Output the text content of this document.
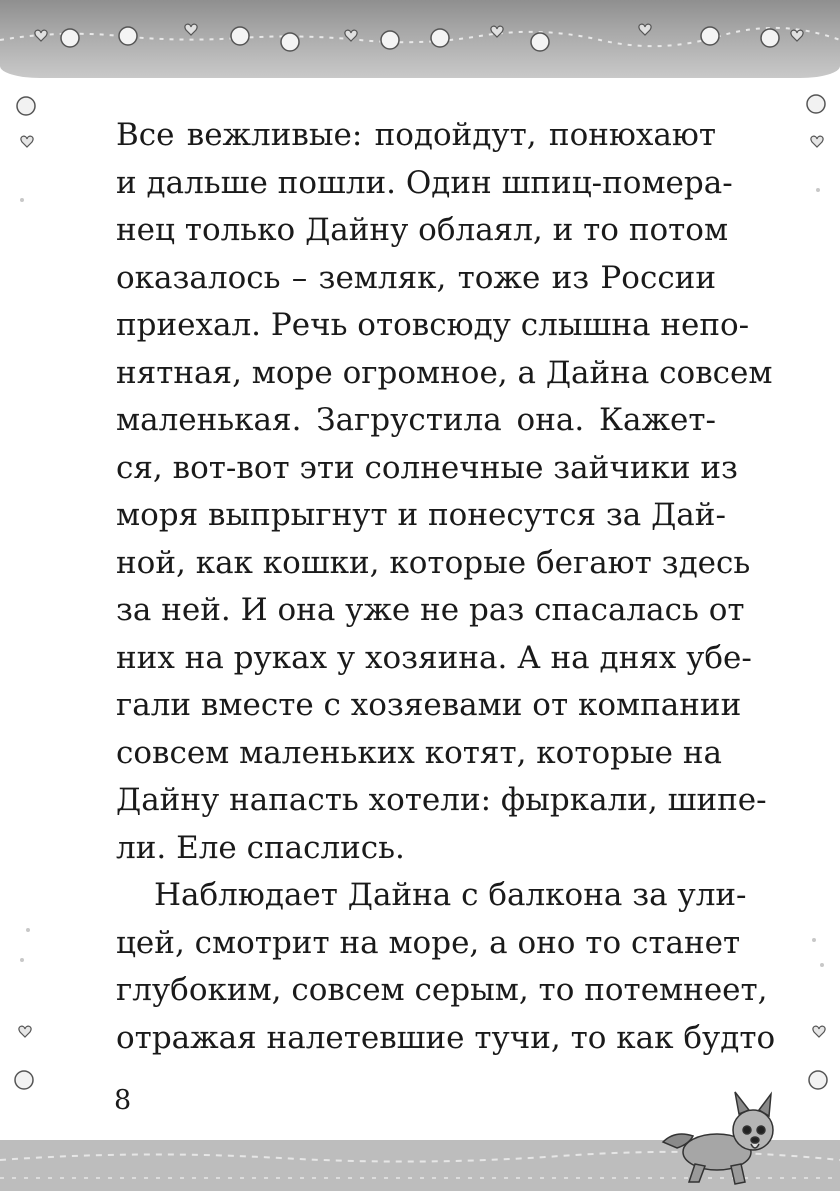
Все вежливые: подойдут, понюхают
и дальше пошли. Один шпиц-помера-
нец только Дайну облаял, и то потом
оказалось – земляк, тоже из России
приехал. Речь отовсюду слышна непо-
нятная, море огромное, а Дайна совсем
маленькая. Загрустила она. Кажет-
ся, вот-вот эти солнечные зайчики из
моря выпрыгнут и понесутся за Дай-
ной, как кошки, которые бегают здесь
за ней. И она уже не раз спасалась от
них на руках у хозяина. А на днях убе-
гали вместе с хозяевами от компании
совсем маленьких котят, которые на
Дайну напасть хотели: фыркали, шипе-
ли. Еле спаслись.

Наблюдает Дайна с балкона за ули-
цей, смотрит на море, а оно то станет
глубоким, совсем серым, то потемнеет,
отражая налетевшие тучи, то как будто

8
